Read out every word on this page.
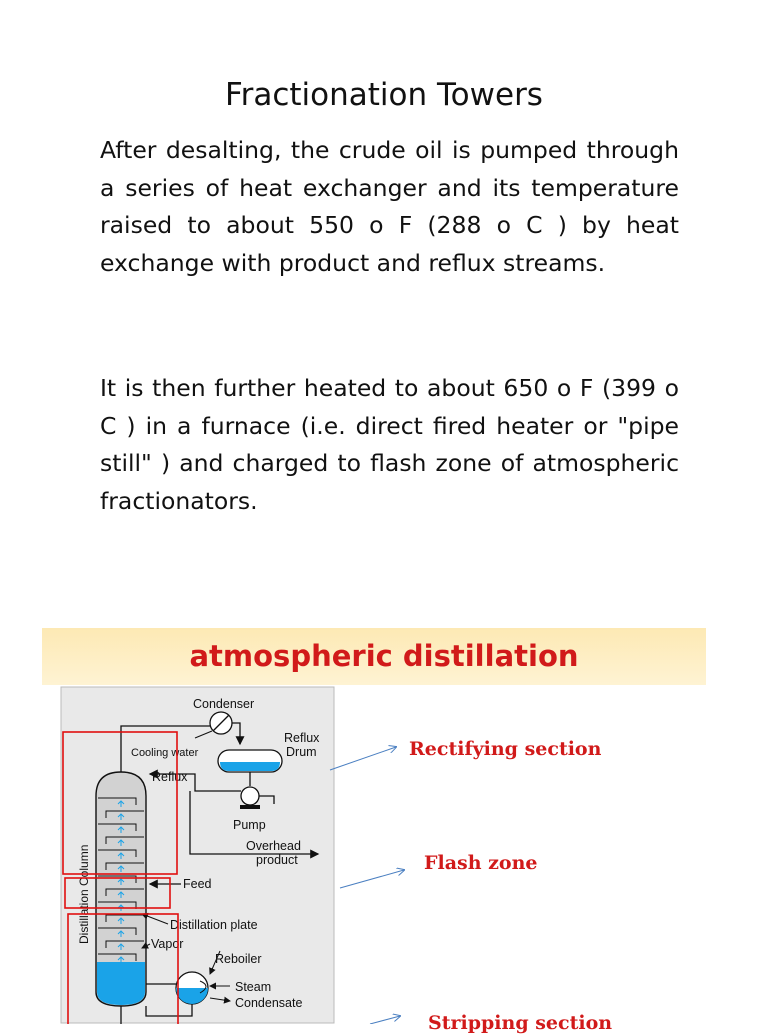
Fractionation Towers
After desalting, the crude oil is pumped through a series of heat exchanger and its temperature raised to about 550 o F (288 o C ) by heat exchange with product and reflux streams.
It is then further heated to about 650 o F (399 o C ) in a furnace (i.e. direct fired heater or "pipe still" ) and charged to flash zone of atmospheric fractionators.
atmospheric distillation
Condenser
Cooling water
Reflux
Drum
Reflux
Pump
Overhead
product
Feed
Distillation plate
Vapor
Reboiler
Steam
Condensate
Distillation Column
Rectifying section
Flash zone
Stripping section
